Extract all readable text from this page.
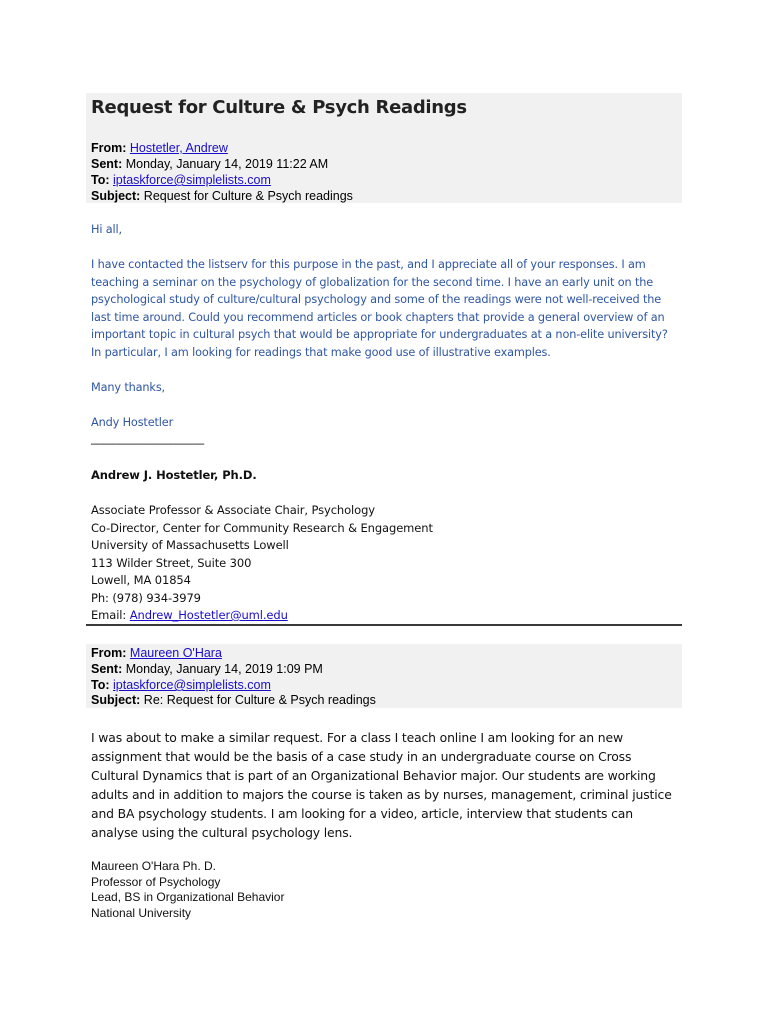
Request for Culture & Psych Readings
From: Hostetler, Andrew
Sent: Monday, January 14, 2019 11:22 AM
To: iptaskforce@simplelists.com
Subject: Request for Culture & Psych readings

Hi all,

I have contacted the listserv for this purpose in the past, and I appreciate all of your responses. I am
teaching a seminar on the psychology of globalization for the second time. I have an early unit on the
psychological study of culture/cultural psychology and some of the readings were not well-received the
last time around. Could you recommend articles or book chapters that provide a general overview of an
important topic in cultural psych that would be appropriate for undergraduates at a non-elite university?
In particular, I am looking for readings that make good use of illustrative examples.

Many thanks,

Andy Hostetler

____________________

Andrew J. Hostetler, Ph.D.

Associate Professor & Associate Chair, Psychology
Co-Director, Center for Community Research & Engagement
University of Massachusetts Lowell
113 Wilder Street, Suite 300
Lowell, MA 01854
Ph: (978) 934-3979
Email: Andrew_Hostetler@uml.edu
From: Maureen O'Hara
Sent: Monday, January 14, 2019 1:09 PM
To: iptaskforce@simplelists.com
Subject: Re: Request for Culture & Psych readings
I was about to make a similar request. For a class I teach online I am looking for an new
assignment that would be the basis of a case study in an undergraduate course on Cross
Cultural Dynamics that is part of an Organizational Behavior major. Our students are working
adults and in addition to majors the course is taken as by nurses, management, criminal justice
and BA psychology students. I am looking for a video, article, interview that students can
analyse using the cultural psychology lens.
Maureen O'Hara Ph. D.
Professor of Psychology
Lead, BS in Organizational Behavior
National University
